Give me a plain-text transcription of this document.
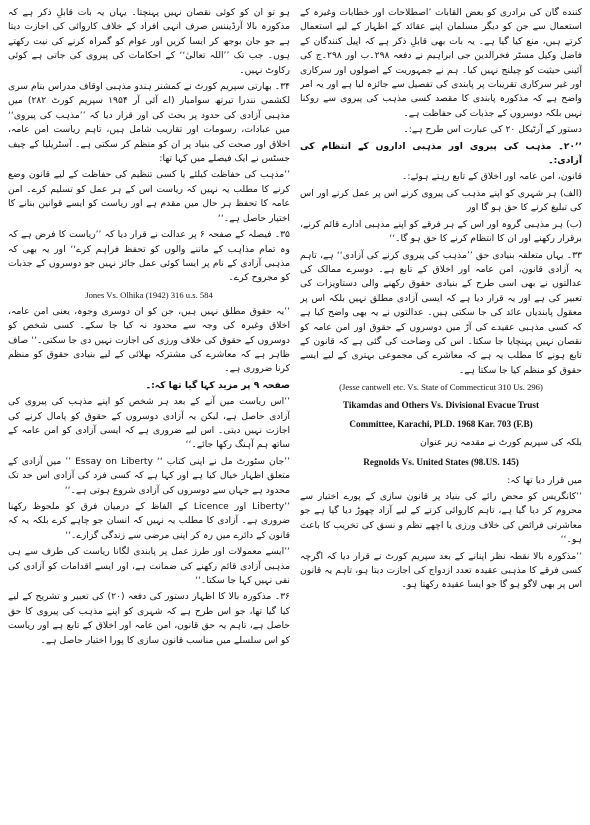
کننده گان کی برادری کو بعض القابات ’اصطلاحات اور خطابات وغیرہ کے استعمال سے جن کو دیگر مسلمان اپنے عقائد کے اظہار کے لیے استعمال کرتے ہیں، منع کیا گیا ہے۔ یہ بات بھی قابلِ ذکر ہے کہ اپیل کنندگان کے فاضل وکیل مسٹر فخرالدین جی ابراہیم نے دفعہ ۲۹۸۔ب اور ۲۹۸۔ج کی آئینی حیثیت کو چیلنج نہیں کیا۔ ہم نے جمہوریت کے اصولوں اور سرکاری اور غیر سرکاری تقریبات پر پابندی کی تفصیل سے جائزہ لیا ہے اور یہ امر واضح ہے کہ مذکورہ پابندی کا مقصد کسی مذہب کی پیروی سے روکنا نہیں بلکہ دوسروں کے جذبات کی حفاظت ہے۔

دستور کے آرٹیکل ۲۰ کی عبارت اس طرح ہے:۔

’’۲۰۔ مذہب کی پیروی اور مذہبی اداروں کے انتظام کی آزادی:۔

قانون، امن عامہ اور اخلاق کے تابع رہتے ہوئے:۔

(الف) ہر شہری کو اپنے مذہب کی پیروی کرنے اس پر عمل کرنے اور اس کی تبلیغ کرنے کا حق ہو گا اور

(ب) ہر مذہبی گروہ اور اس کے ہر فرقے کو اپنے مذہبی ادارے قائم کرنے، برقرار رکھنے اور ان کا انتظام کرنے کا حق ہو گا۔‘‘

۳۳۔ یہاں متعلقہ بنیادی حق ’’مذہب کی پیروی کرنے کی آزادی‘‘ ہے، تاہم یہ آزادی قانون، امن عامہ اور اخلاق کے تابع ہے۔ دوسرے ممالک کی عدالتوں نے بھی اسی طرح کے بنیادی حقوق رکھنے والی دستاویزات کی تعبیر کی ہے اور یہ قرار دیا ہے کہ ایسی آزادی مطلق نہیں بلکہ اس پر معقول پابندیاں عائد کی جا سکتی ہیں۔ عدالتوں نے یہ بھی واضح کیا ہے کہ کسی مذہبی عقیدے کی آڑ میں دوسروں کے حقوق اور امن عامہ کو نقصان نہیں پہنچایا جا سکتا۔ اس کی وضاحت کی گئی ہے کہ قانون کے تابع ہونے کا مطلب یہ ہے کہ معاشرے کی مجموعی بہتری کے لیے ایسے حقوق کو منظم کیا جا سکتا ہے۔

(Jesse cantwell etc. Vs. State of Commecticut 310 Us. 296)

Tikamdas and Others Vs. Divisional Evacue Trust

Committee, Karachi, PLD. 1968 Kar. 703 (F.B)

بلکہ کی سپریم کورٹ نے مقدمہ زیر عنوان

Regnolds Vs. United States (98.US. 145)

میں قرار دیا تھا کہ:

’’کانگریس کو محض رائے کی بنیاد پر قانون سازی کے پورے اختیار سے محروم کر دیا گیا ہے، تاہم کاروائی کرنے کے لیے آزاد چھوڑ دیا گیا ہے جو معاشرتی فرائض کی خلاف ورزی یا اچھے نظم و نسق کی تخریب کا باعث ہو۔‘‘

’’مذکورہ بالا نقطہ نظر اپنانے کے بعد سپریم کورٹ نے قرار دیا کہ اگرچہ کسی فرقے کا مذہبی عقیدہ تعدد ازدواج کی اجازت دیتا ہو، تاہم یہ قانون اس پر بھی لاگو ہو گا جو ایسا عقیدہ رکھتا ہو۔

ہو تو ان کو کوئی نقصان نہیں پہنچتا۔ یہاں یہ بات قابلِ ذکر ہے کہ مذکورہ بالا آرڈیننس صرف انہی افراد کے خلاف کاروائی کی اجازت دیتا ہے جو جان بوجھ کر ایسا کریں اور عوام کو گمراہ کرنے کی نیت رکھتے ہوں۔ جب تک ’’اللہ تعالیٰ‘‘ کے احکامات کی پیروی کی جاتی ہے کوئی رکاوٹ نہیں۔

۳۴۔ بھارتی سپریم کورٹ نے کمشنر ہندو مذہبی اوقاف مدراس بنام سری لکشمی نندرا تیرتھ سوامیار (اے آئی آر ۱۹۵۴ سپریم کورٹ ۲۸۲) میں مذہبی آزادی کی حدود پر بحث کی اور قرار دیا کہ ’’مذہب کی پیروی‘‘ میں عبادات، رسومات اور تقاریب شامل ہیں، تاہم ریاست امن عامہ، اخلاق اور صحت کی بنیاد پر ان کو منظم کر سکتی ہے۔ آسٹریلیا کے چیف جسٹس نے ایک فیصلے میں کہا تھا:

’’مذہب کی حفاظت کیلئے یا کسی تنظیم کی حفاظت کے لیے قانون وضع کرنے کا مطلب یہ نہیں کہ ریاست اس کے ہر عمل کو تسلیم کرے۔ امن عامہ کا تحفظ ہر حال میں مقدم ہے اور ریاست کو ایسے قوانین بنانے کا اختیار حاصل ہے۔‘‘

۳۵۔ فیصلہ کے صفحہ ۶ پر عدالت نے قرار دیا کہ ’’ریاست کا فرض ہے کہ وہ تمام مذاہب کے ماننے والوں کو تحفظ فراہم کرے‘‘ اور یہ بھی کہ مذہبی آزادی کے نام پر ایسا کوئی عمل جائز نہیں جو دوسروں کے جذبات کو مجروح کرے۔

Jones Vs. Olhika (1942) 316 u.s. 584

’’یہ حقوق مطلق نہیں ہیں، جن کو ان دوسری وجوہ، یعنی امن عامہ، اخلاق وغیرہ کی وجہ سے محدود نہ کیا جا سکے۔ کسی شخص کو دوسروں کے حقوق کی خلاف ورزی کی اجازت نہیں دی جا سکتی۔‘‘ صاف ظاہر ہے کہ معاشرے کی مشترکہ بھلائی کے لیے بنیادی حقوق کو منظم کرنا ضروری ہے۔

صفحہ ۹ پر مزید کہا گیا تھا کہ:۔

’’اس ریاست میں آنے کے بعد ہر شخص کو اپنے مذہب کی پیروی کی آزادی حاصل ہے، لیکن یہ آزادی دوسروں کے حقوق کو پامال کرنے کی اجازت نہیں دیتی۔ اس لیے ضروری ہے کہ ایسی آزادی کو امن عامہ کے ساتھ ہم آہنگ رکھا جائے۔‘‘

’’جان سٹورٹ مل نے اپنی کتاب ‘‘ Essay on Liberty ’’ میں آزادی کے متعلق اظہار خیال کیا ہے اور کہا ہے کہ کسی فرد کی آزادی اس حد تک محدود ہے جہاں سے دوسروں کی آزادی شروع ہوتی ہے۔‘‘

’’Liberty اور Licence کے الفاظ کے درمیان فرق کو ملحوظ رکھنا ضروری ہے۔ آزادی کا مطلب یہ نہیں کہ انسان جو چاہے کرے بلکہ یہ کہ قانون کے دائرے میں رہ کر اپنی مرضی سے زندگی گزارے۔‘‘

’’ایسے معمولات اور طرز عمل پر پابندی لگانا ریاست کی طرف سے ہی مذہبی آزادی قائم رکھنے کی ضمانت ہے، اور ایسے اقدامات کو آزادی کی نفی نہیں کہا جا سکتا۔‘‘

۳۶۔ مذکورہ بالا کا اظہار دستور کی دفعہ (۲۰) کی تعبیر و تشریح کے لیے کیا گیا تھا، جو اس طرح ہے کہ شہری کو اپنے مذہب کی پیروی کا حق حاصل ہے، تاہم یہ حق قانون، امن عامہ اور اخلاق کے تابع ہے اور ریاست کو اس سلسلے میں مناسب قانون سازی کا پورا اختیار حاصل ہے۔
